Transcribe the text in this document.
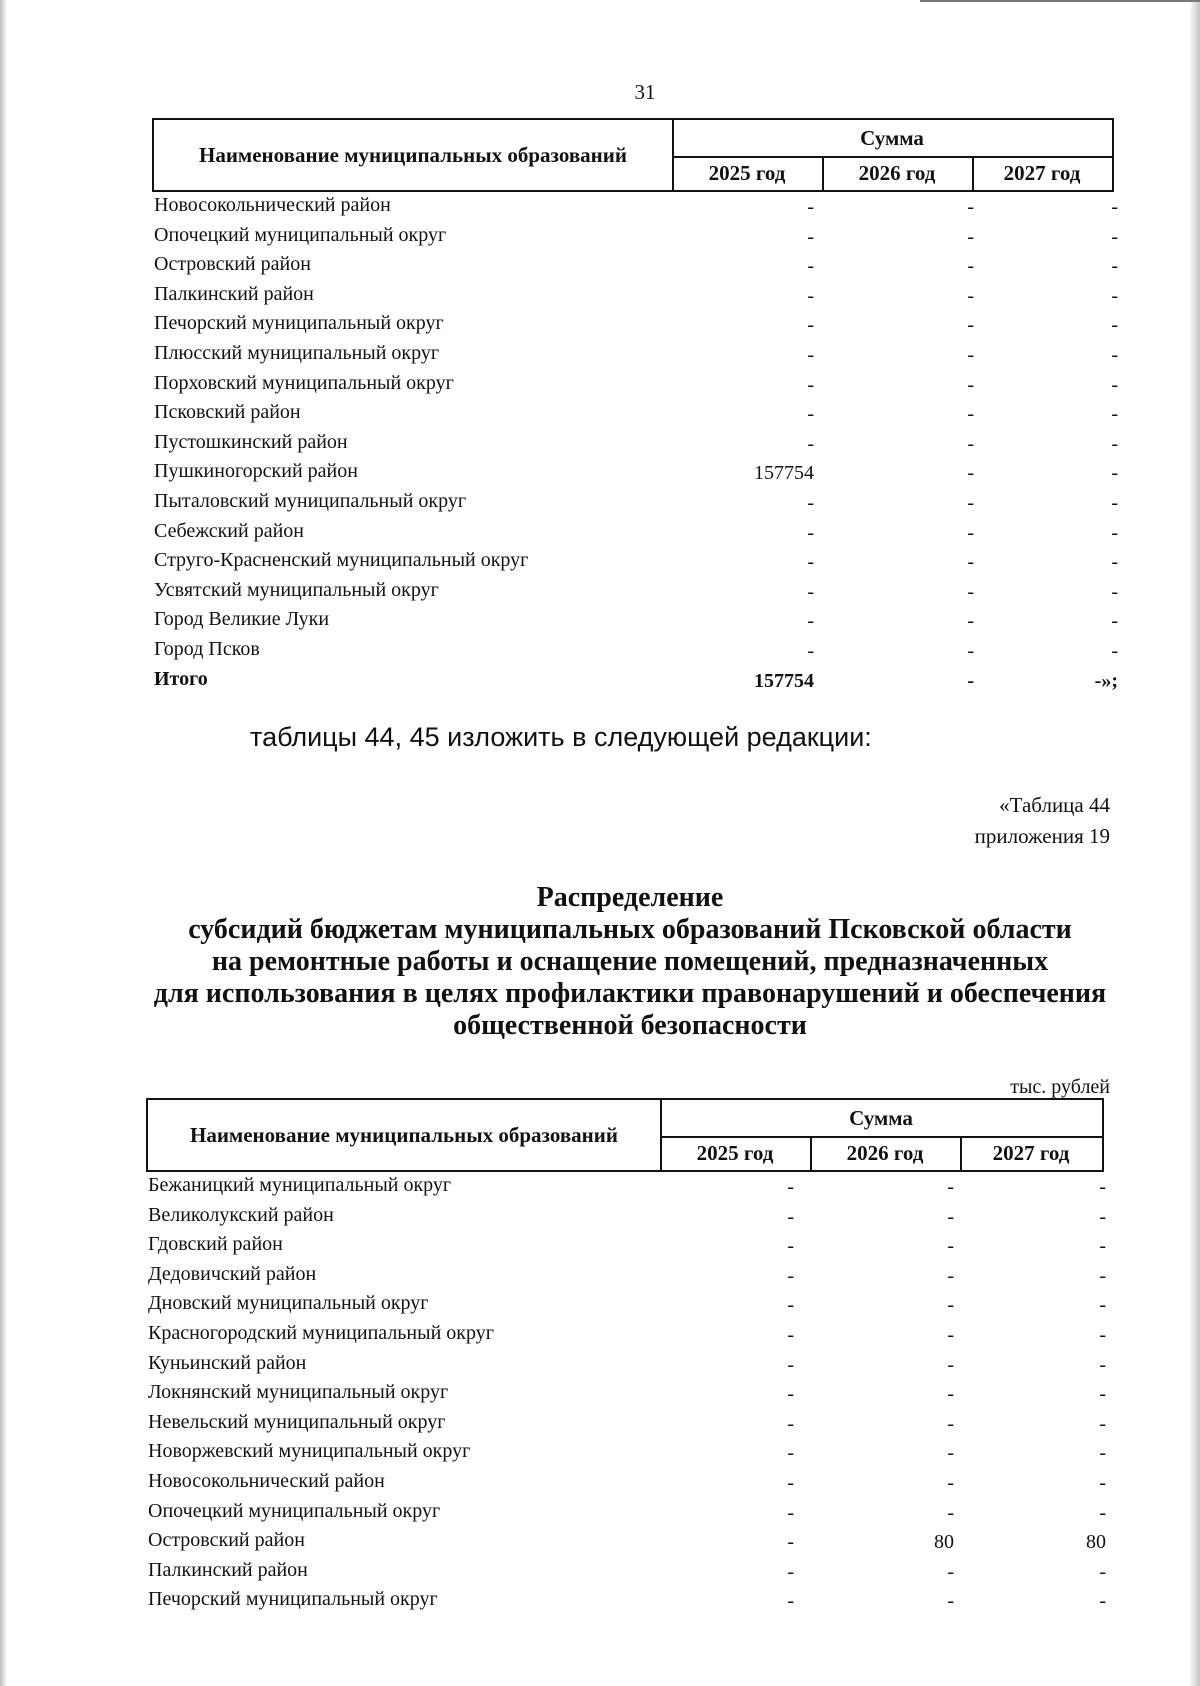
31
Наименование муниципальных образований
Сумма
2025 год	2026 год	2027 год
Новосокольнический район	-	-	-
Опочецкий муниципальный округ	-	-	-
Островский район	-	-	-
Палкинский район	-	-	-
Печорский муниципальный округ	-	-	-
Плюсский муниципальный округ	-	-	-
Порховский муниципальный округ	-	-	-
Псковский район	-	-	-
Пустошкинский район	-	-	-
Пушкиногорский район	157754	-	-
Пыталовский муниципальный округ	-	-	-
Себежский район	-	-	-
Струго-Красненский муниципальный округ	-	-	-
Усвятский муниципальный округ	-	-	-
Город Великие Луки	-	-	-
Город Псков	-	-	-
Итого	157754	-	-»;
таблицы 44, 45 изложить в следующей редакции:
«Таблица 44
приложения 19
Распределение
субсидий бюджетам муниципальных образований Псковской области
на ремонтные работы и оснащение помещений, предназначенных
для использования в целях профилактики правонарушений и обеспечения
общественной безопасности
тыс. рублей
Наименование муниципальных образований
Сумма
2025 год	2026 год	2027 год
Бежаницкий муниципальный округ	-	-	-
Великолукский район	-	-	-
Гдовский район	-	-	-
Дедовичский район	-	-	-
Дновский муниципальный округ	-	-	-
Красногородский муниципальный округ	-	-	-
Куньинский район	-	-	-
Локнянский муниципальный округ	-	-	-
Невельский муниципальный округ	-	-	-
Новоржевский муниципальный округ	-	-	-
Новосокольнический район	-	-	-
Опочецкий муниципальный округ	-	-	-
Островский район	-	80	80
Палкинский район	-	-	-
Печорский муниципальный округ	-	-	-
